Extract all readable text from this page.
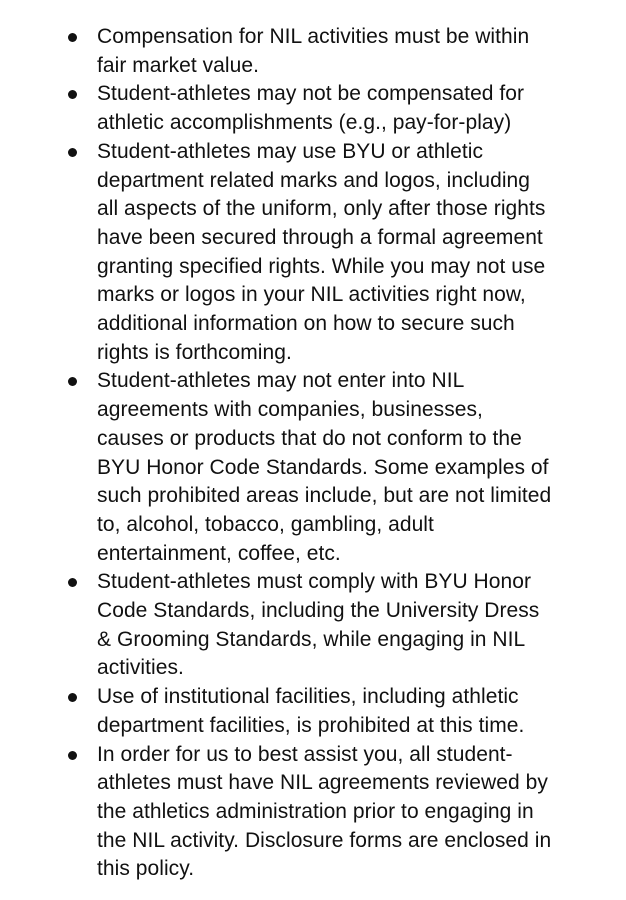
Compensation for NIL activities must be within
fair market value.
Student-athletes may not be compensated for
athletic accomplishments (e.g., pay-for-play)
Student-athletes may use BYU or athletic
department related marks and logos, including
all aspects of the uniform, only after those rights
have been secured through a formal agreement
granting specified rights. While you may not use
marks or logos in your NIL activities right now,
additional information on how to secure such
rights is forthcoming.
Student-athletes may not enter into NIL
agreements with companies, businesses,
causes or products that do not conform to the
BYU Honor Code Standards. Some examples of
such prohibited areas include, but are not limited
to, alcohol, tobacco, gambling, adult
entertainment, coffee, etc.
Student-athletes must comply with BYU Honor
Code Standards, including the University Dress
& Grooming Standards, while engaging in NIL
activities.
Use of institutional facilities, including athletic
department facilities, is prohibited at this time.
In order for us to best assist you, all student-
athletes must have NIL agreements reviewed by
the athletics administration prior to engaging in
the NIL activity. Disclosure forms are enclosed in
this policy.
